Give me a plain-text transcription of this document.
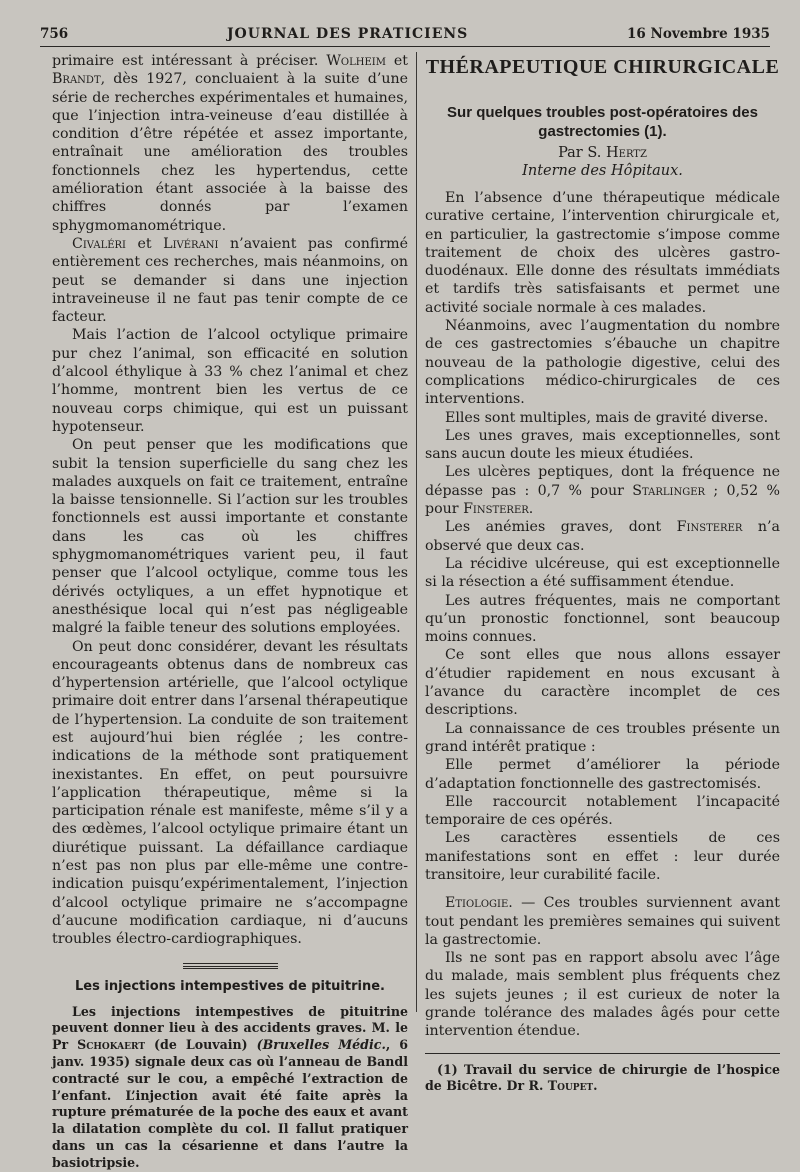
756	JOURNAL DES PRATICIENS	16 Novembre 1935

primaire est intéressant à préciser. Wolheim et Brandt, dès 1927, concluaient à la suite d’une série de recherches expérimentales et humaines, que l’injection intra-veineuse d’eau distillée à condition d’être répétée et assez importante, entraînait une amélioration des troubles fonctionnels chez les hypertendus, cette amélioration étant associée à la baisse des chiffres donnés par l’examen sphygmomanométrique.

Civaléri et Livérani n’avaient pas confirmé entièrement ces recherches, mais néanmoins, on peut se demander si dans une injection intraveineuse il ne faut pas tenir compte de ce facteur.

Mais l’action de l’alcool octylique primaire pur chez l’animal, son efficacité en solution d’alcool éthylique à 33 % chez l’animal et chez l’homme, montrent bien les vertus de ce nouveau corps chimique, qui est un puissant hypotenseur.

On peut penser que les modifications que subit la tension superficielle du sang chez les malades auxquels on fait ce traitement, entraîne la baisse tensionnelle. Si l’action sur les troubles fonctionnels est aussi importante et constante dans les cas où les chiffres sphygmomanométriques varient peu, il faut penser que l’alcool octylique, comme tous les dérivés octyliques, a un effet hypnotique et anesthésique local qui n’est pas négligeable malgré la faible teneur des solutions employées.

On peut donc considérer, devant les résultats encourageants obtenus dans de nombreux cas d’hypertension artérielle, que l’alcool octylique primaire doit entrer dans l’arsenal thérapeutique de l’hypertension. La conduite de son traitement est aujourd’hui bien réglée ; les contre-indications de la méthode sont pratiquement inexistantes. En effet, on peut poursuivre l’application thérapeutique, même si la participation rénale est manifeste, même s’il y a des œdèmes, l’alcool octylique primaire étant un diurétique puissant. La défaillance cardiaque n’est pas non plus par elle-même une contre-indication puisqu’expérimentalement, l’injection d’alcool octylique primaire ne s’accompagne d’aucune modification cardiaque, ni d’aucuns troubles électro-cardiographiques.

Les injections intempestives de pituitrine.

Les injections intempestives de pituitrine peuvent donner lieu à des accidents graves. M. le Pr Schokaert (de Louvain) (Bruxelles Médic., 6 janv. 1935) signale deux cas où l’anneau de Bandl contracté sur le cou, a empêché l’extraction de l’enfant. L’injection avait été faite après la rupture prématurée de la poche des eaux et avant la dilatation complète du col. Il fallut pratiquer dans un cas la césarienne et dans l’autre la basiotripsie.

THÉRAPEUTIQUE CHIRURGICALE
Sur quelques troubles post-opératoires des gastrectomies (1).
Par S. Hertz
Interne des Hôpitaux.

En l’absence d’une thérapeutique médicale curative certaine, l’intervention chirurgicale et, en particulier, la gastrectomie s’impose comme traitement de choix des ulcères gastro-duodénaux. Elle donne des résultats immédiats et tardifs très satisfaisants et permet une activité sociale normale à ces malades.

Néanmoins, avec l’augmentation du nombre de ces gastrectomies s’ébauche un chapitre nouveau de la pathologie digestive, celui des complications médico-chirurgicales de ces interventions.

Elles sont multiples, mais de gravité diverse.

Les unes graves, mais exceptionnelles, sont sans aucun doute les mieux étudiées.

Les ulcères peptiques, dont la fréquence ne dépasse pas : 0,7 % pour Starlinger ; 0,52 % pour Finsterer.

Les anémies graves, dont Finsterer n’a observé que deux cas.

La récidive ulcéreuse, qui est exceptionnelle si la résection a été suffisamment étendue.

Les autres fréquentes, mais ne comportant qu’un pronostic fonctionnel, sont beaucoup moins connues.

Ce sont elles que nous allons essayer d’étudier rapidement en nous excusant à l’avance du caractère incomplet de ces descriptions.

La connaissance de ces troubles présente un grand intérêt pratique :

Elle permet d’améliorer la période d’adaptation fonctionnelle des gastrectomisés.

Elle raccourcit notablement l’incapacité temporaire de ces opérés.

Les caractères essentiels de ces manifestations sont en effet : leur durée transitoire, leur curabilité facile.

Etiologie. — Ces troubles surviennent avant tout pendant les premières semaines qui suivent la gastrectomie.

Ils ne sont pas en rapport absolu avec l’âge du malade, mais semblent plus fréquents chez les sujets jeunes ; il est curieux de noter la grande tolérance des malades âgés pour cette intervention étendue.

(1) Travail du service de chirurgie de l’hospice de Bicêtre. Dr R. Toupet.
